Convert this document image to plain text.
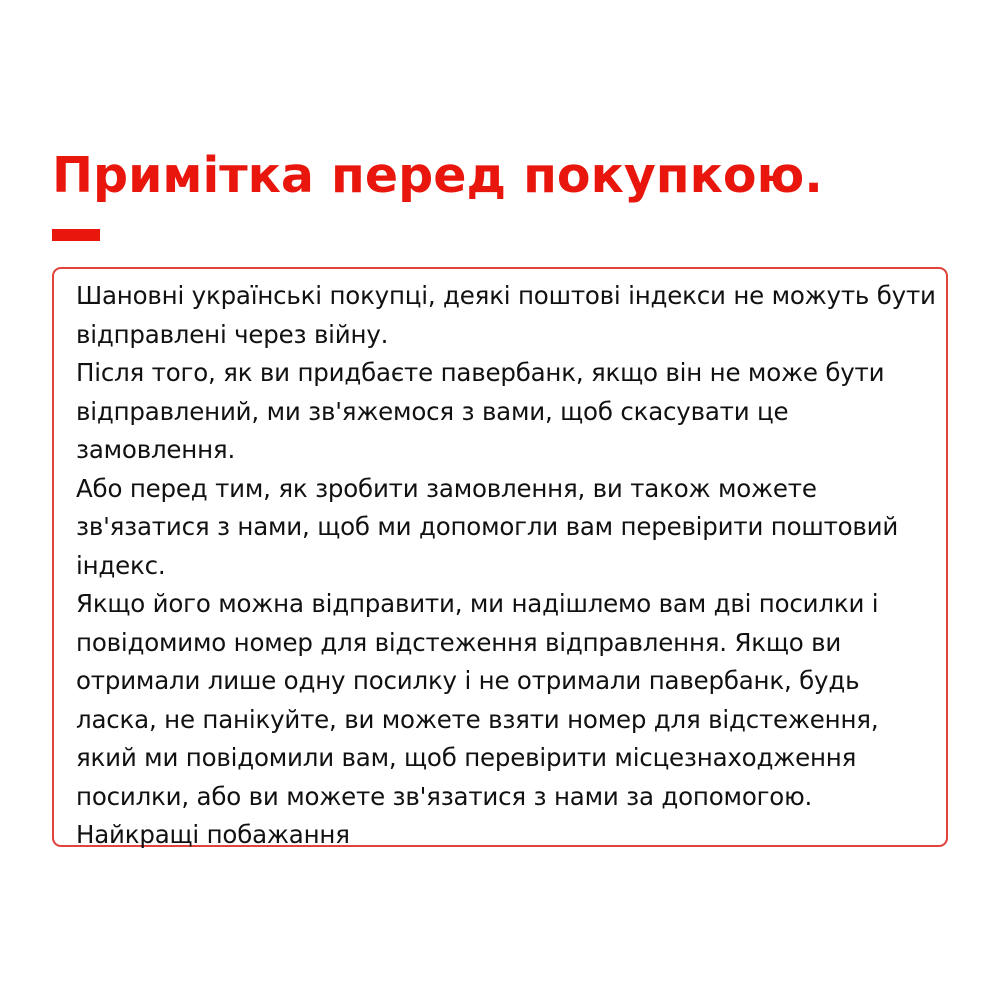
Примітка перед покупкою.
Шановні українські покупці, деякі поштові індекси не можуть бути відправлені через війну.
Після того, як ви придбаєте павербанк, якщо він не може бути відправлений, ми зв'яжемося з вами, щоб скасувати це замовлення.
Або перед тим, як зробити замовлення, ви також можете зв'язатися з нами, щоб ми допомогли вам перевірити поштовий індекс.
Якщо його можна відправити, ми надішлемо вам дві посилки і повідомимо номер для відстеження відправлення. Якщо ви отримали лише одну посилку і не отримали павербанк, будь ласка, не панікуйте, ви можете взяти номер для відстеження, який ми повідомили вам, щоб перевірити місцезнаходження посилки, або ви можете зв'язатися з нами за допомогою.
Найкращі побажання
